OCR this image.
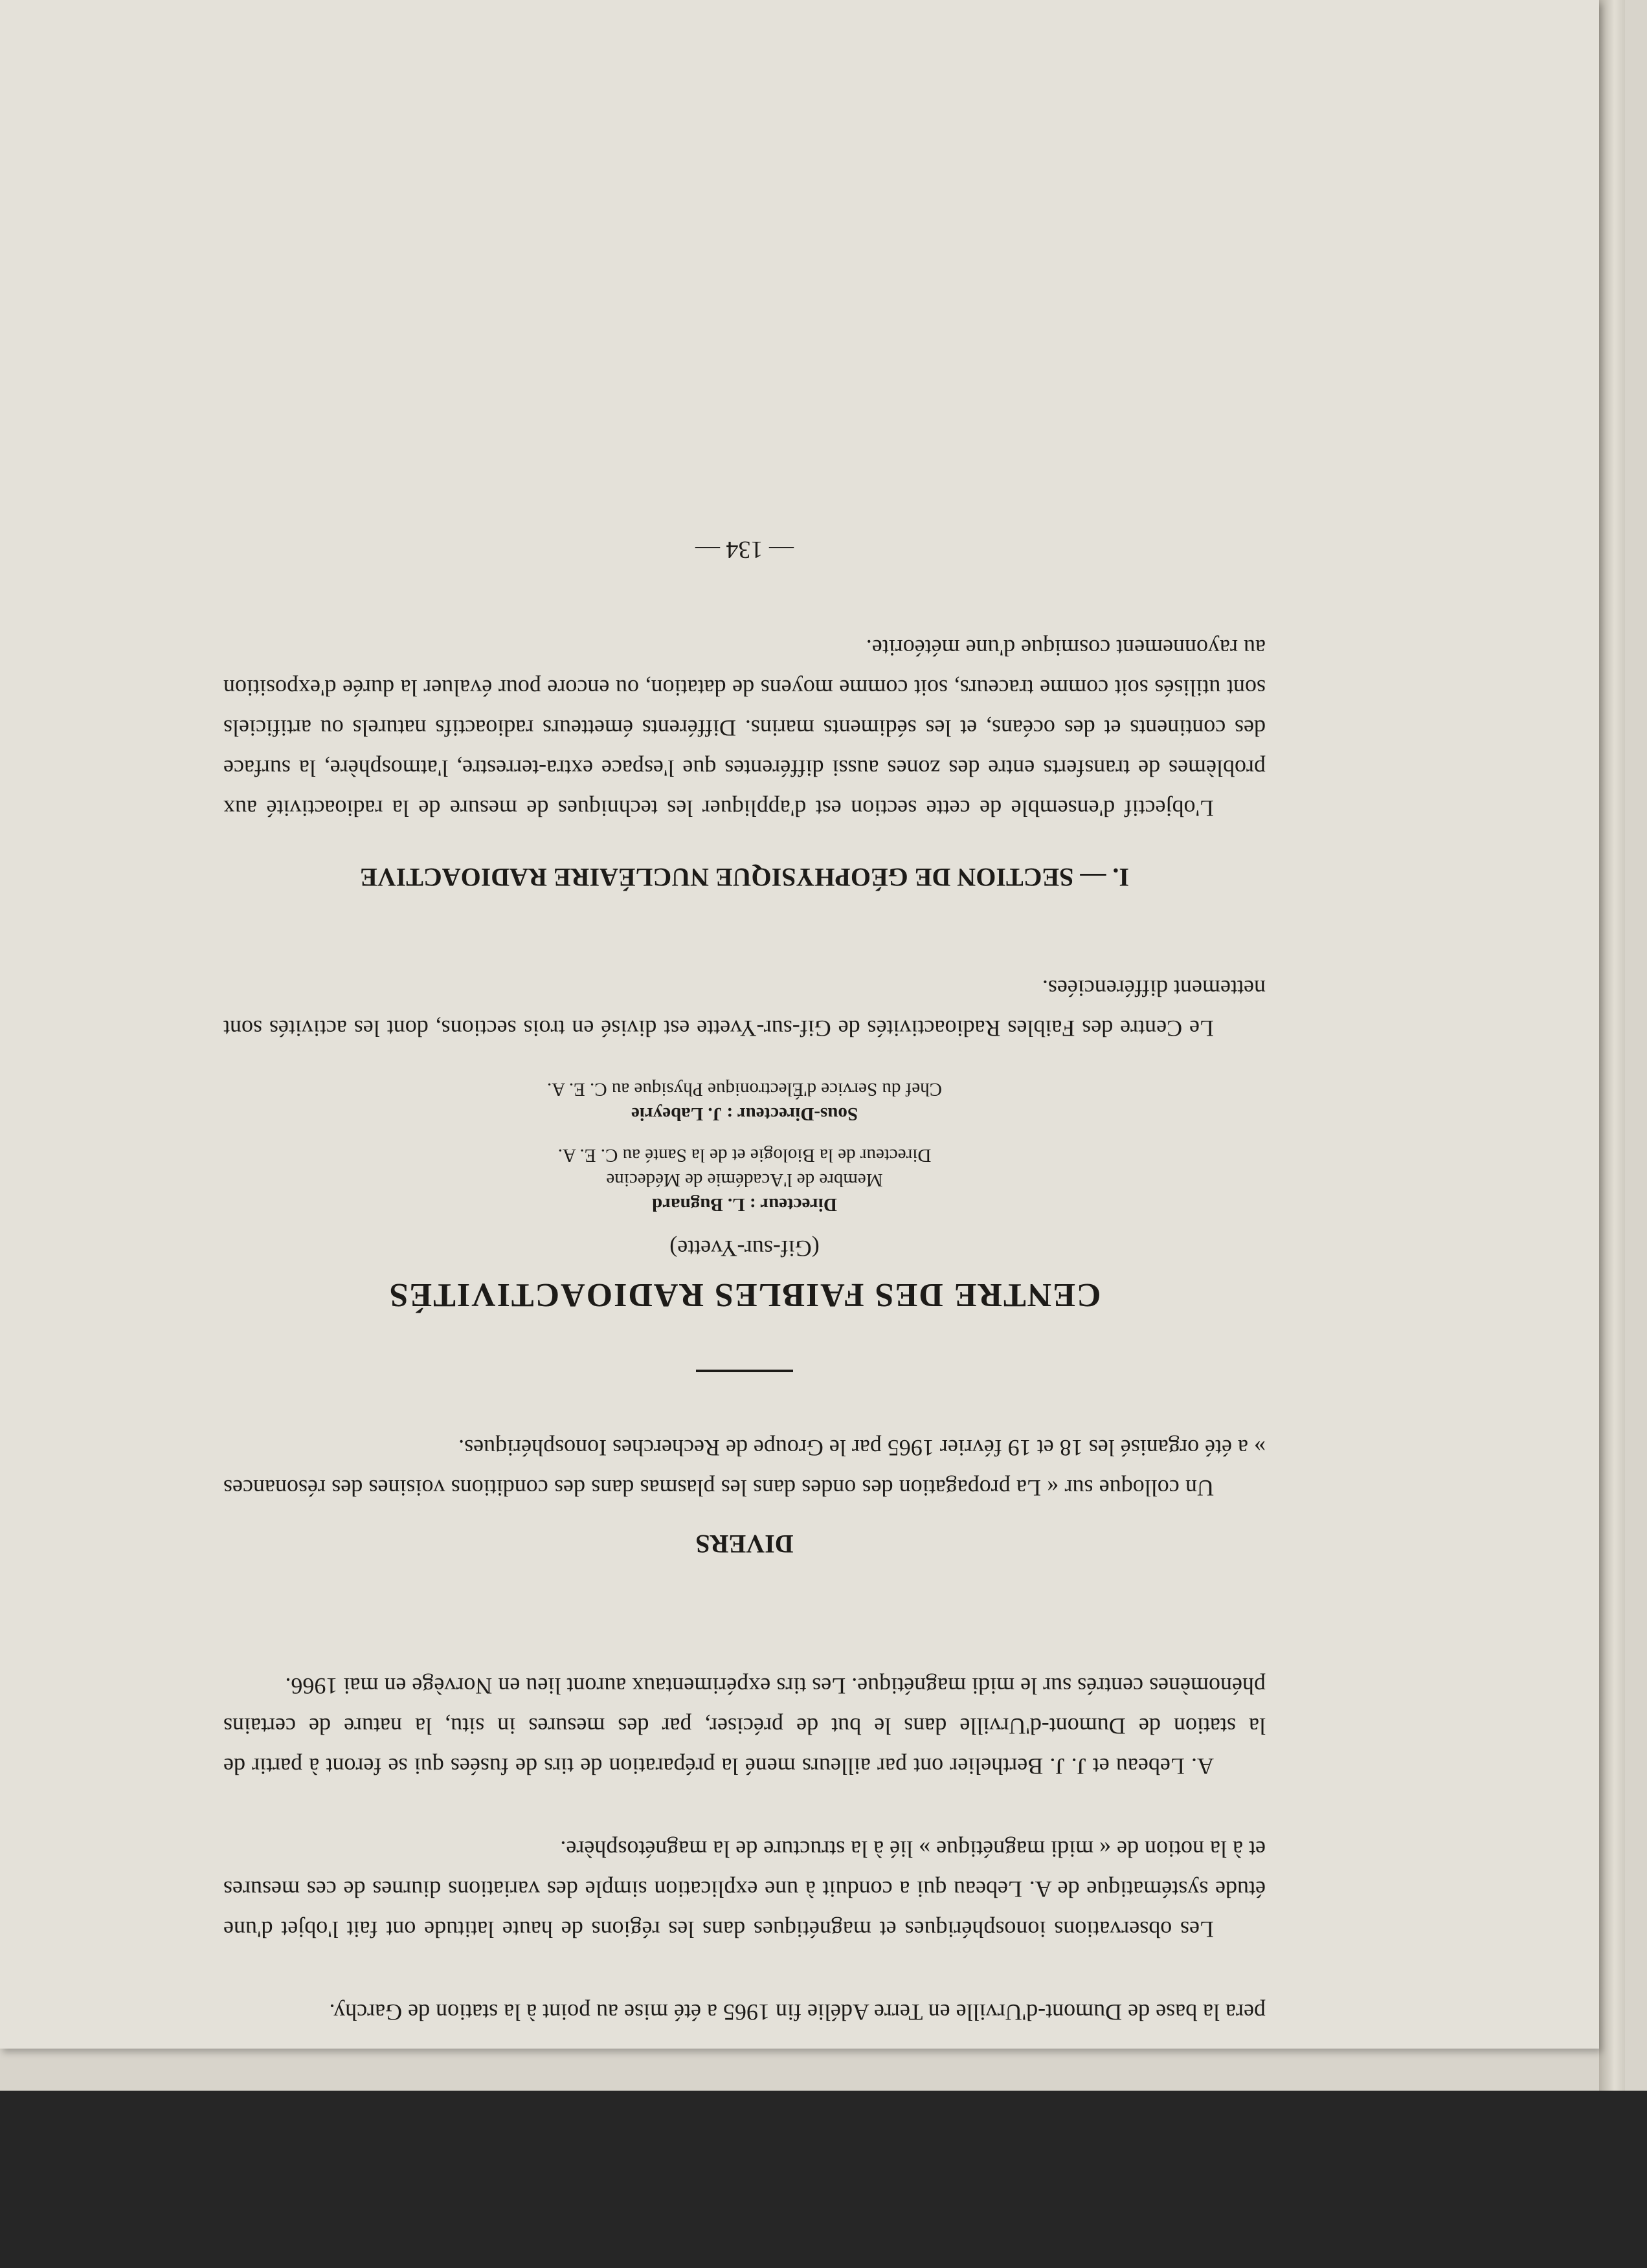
pera la base de Dumont-d'Urville en Terre Adélie fin 1965 a été mise au point à la station de Garchy.

Les observations ionosphériques et magnétiques dans les régions de haute latitude ont fait l'objet d'une étude systématique de A. Lebeau qui a conduit à une explication simple des variations diurnes de ces mesures et à la notion de « midi magnétique » lié à la structure de la magnétosphère.

A. Lebeau et J. J. Berthelier ont par ailleurs mené la préparation de tirs de fusées qui se feront à partir de la station de Dumont-d'Urville dans le but de préciser, par des mesures in situ, la nature de certains phénomènes centrés sur le midi magnétique. Les tirs expérimentaux auront lieu en Norvège en mai 1966.

DIVERS

Un colloque sur « La propagation des ondes dans les plasmas dans des conditions voisines des résonances » a été organisé les 18 et 19 février 1965 par le Groupe de Recherches Ionosphériques.

CENTRE DES FAIBLES RADIOACTIVITÉS
(Gif-sur-Yvette)
Directeur : L. Bugnard
Membre de l'Académie de Médecine
Directeur de la Biologie et de la Santé au C. E. A.
Sous-Directeur : J. Labeyrie
Chef du Service d'Électronique Physique au C. E. A.

Le Centre des Faibles Radioactivités de Gif-sur-Yvette est divisé en trois sections, dont les activités sont nettement différenciées.

I. — SECTION DE GÉOPHYSIQUE NUCLÉAIRE RADIOACTIVE

L'objectif d'ensemble de cette section est d'appliquer les techniques de mesure de la radioactivité aux problèmes de transferts entre des zones aussi différentes que l'espace extra-terrestre, l'atmosphère, la surface des continents et des océans, et les sédiments marins. Différents émetteurs radioactifs naturels ou artificiels sont utilisés soit comme traceurs, soit comme moyens de datation, ou encore pour évaluer la durée d'exposition au rayonnement cosmique d'une météorite.

— 134 —
